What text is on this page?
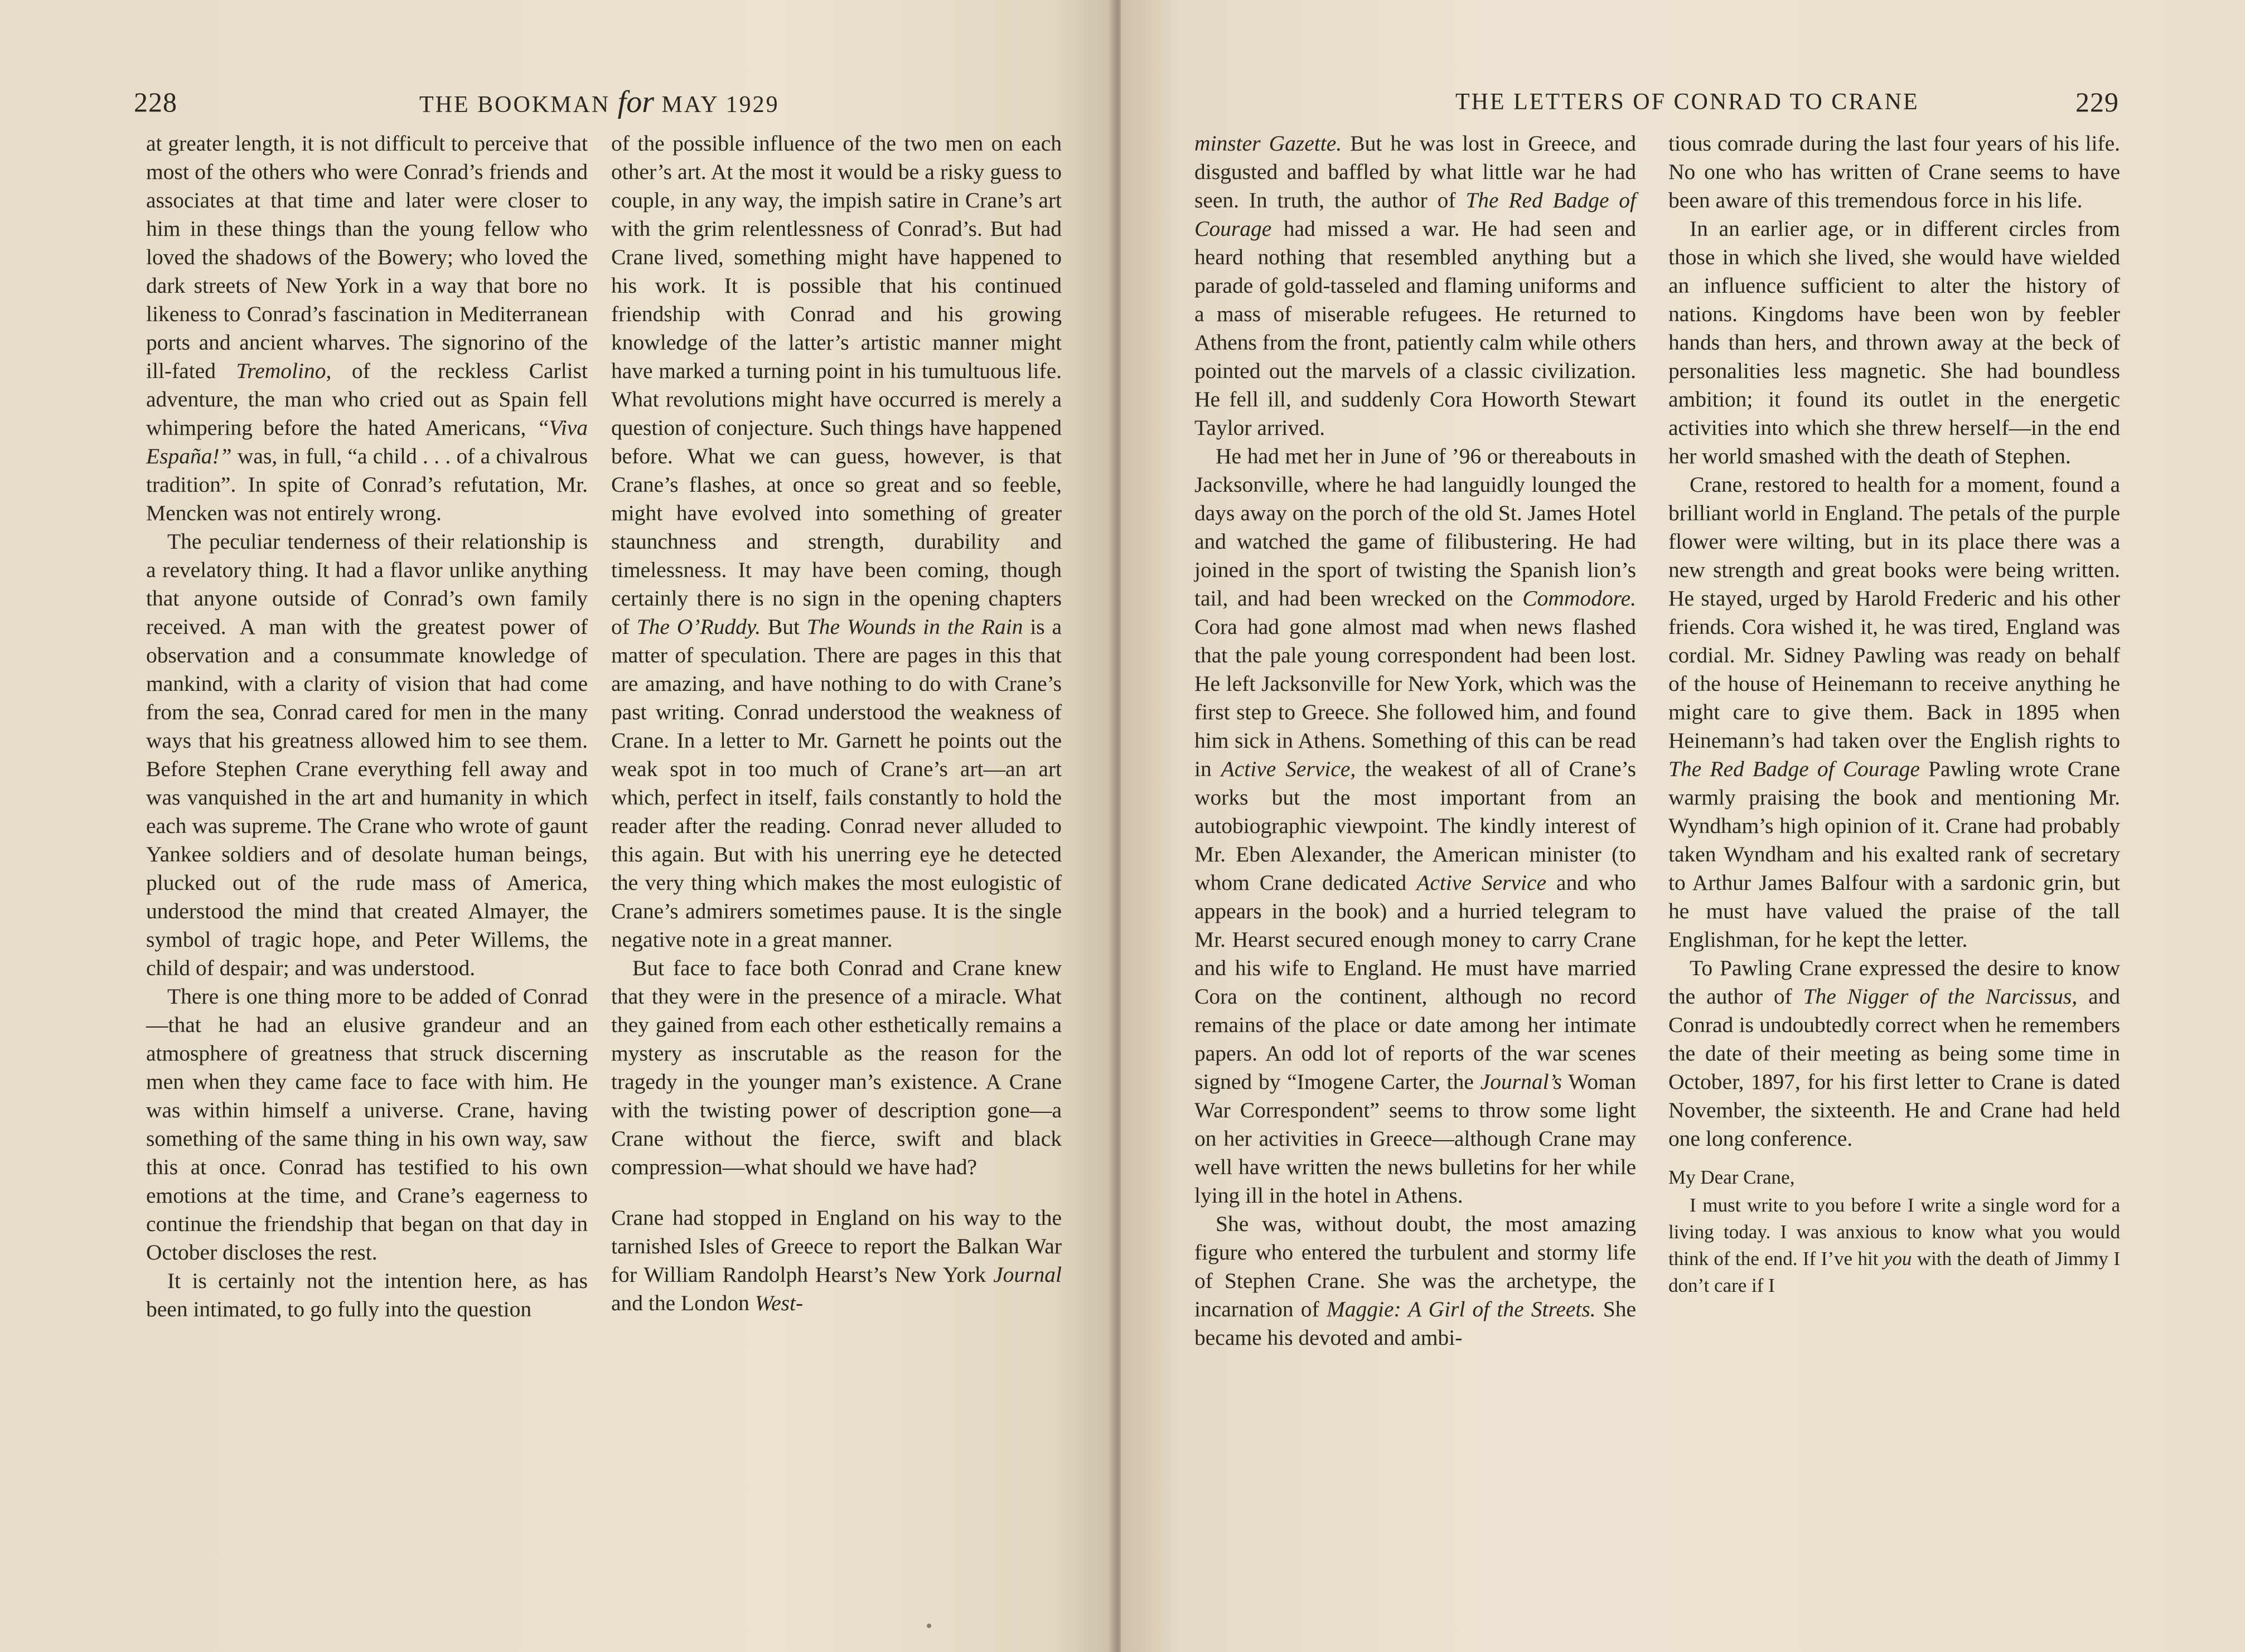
228	THE BOOKMAN for MAY 1929

at greater length, it is not difficult to perceive that most of the others who were Conrad’s friends and associates at that time and later were closer to him in these things than the young fellow who loved the shadows of the Bowery; who loved the dark streets of New York in a way that bore no likeness to Conrad’s fascination in Mediterranean ports and ancient wharves. The signorino of the ill-fated Tremolino, of the reckless Carlist adventure, the man who cried out as Spain fell whimpering before the hated Americans, “Viva España!” was, in full, “a child . . . of a chivalrous tradition”. In spite of Conrad’s refutation, Mr. Mencken was not entirely wrong.

The peculiar tenderness of their relationship is a revelatory thing. It had a flavor unlike anything that anyone outside of Conrad’s own family received. A man with the greatest power of observation and a consummate knowledge of mankind, with a clarity of vision that had come from the sea, Conrad cared for men in the many ways that his greatness allowed him to see them. Before Stephen Crane everything fell away and was vanquished in the art and humanity in which each was supreme. The Crane who wrote of gaunt Yankee soldiers and of desolate human beings, plucked out of the rude mass of America, understood the mind that created Almayer, the symbol of tragic hope, and Peter Willems, the child of despair; and was understood.

There is one thing more to be added of Conrad—that he had an elusive grandeur and an atmosphere of greatness that struck discerning men when they came face to face with him. He was within himself a universe. Crane, having something of the same thing in his own way, saw this at once. Conrad has testified to his own emotions at the time, and Crane’s eagerness to continue the friendship that began on that day in October discloses the rest.

It is certainly not the intention here, as has been intimated, to go fully into the question

of the possible influence of the two men on each other’s art. At the most it would be a risky guess to couple, in any way, the impish satire in Crane’s art with the grim relentlessness of Conrad’s. But had Crane lived, something might have happened to his work. It is possible that his continued friendship with Conrad and his growing knowledge of the latter’s artistic manner might have marked a turning point in his tumultuous life. What revolutions might have occurred is merely a question of conjecture. Such things have happened before. What we can guess, however, is that Crane’s flashes, at once so great and so feeble, might have evolved into something of greater staunchness and strength, durability and timelessness. It may have been coming, though certainly there is no sign in the opening chapters of The O’Ruddy. But The Wounds in the Rain is a matter of speculation. There are pages in this that are amazing, and have nothing to do with Crane’s past writing. Conrad understood the weakness of Crane. In a letter to Mr. Garnett he points out the weak spot in too much of Crane’s art—an art which, perfect in itself, fails constantly to hold the reader after the reading. Conrad never alluded to this again. But with his unerring eye he detected the very thing which makes the most eulogistic of Crane’s admirers sometimes pause. It is the single negative note in a great manner.

But face to face both Conrad and Crane knew that they were in the presence of a miracle. What they gained from each other esthetically remains a mystery as inscrutable as the reason for the tragedy in the younger man’s existence. A Crane with the twisting power of description gone—a Crane without the fierce, swift and black compression—what should we have had?

Crane had stopped in England on his way to the tarnished Isles of Greece to report the Balkan War for William Randolph Hearst’s New York Journal and the London West-

THE LETTERS OF CONRAD TO CRANE	229

minster Gazette. But he was lost in Greece, and disgusted and baffled by what little war he had seen. In truth, the author of The Red Badge of Courage had missed a war. He had seen and heard nothing that resembled anything but a parade of gold-tasseled and flaming uniforms and a mass of miserable refugees. He returned to Athens from the front, patiently calm while others pointed out the marvels of a classic civilization. He fell ill, and suddenly Cora Howorth Stewart Taylor arrived.

He had met her in June of ’96 or thereabouts in Jacksonville, where he had languidly lounged the days away on the porch of the old St. James Hotel and watched the game of filibustering. He had joined in the sport of twisting the Spanish lion’s tail, and had been wrecked on the Commodore. Cora had gone almost mad when news flashed that the pale young correspondent had been lost. He left Jacksonville for New York, which was the first step to Greece. She followed him, and found him sick in Athens. Something of this can be read in Active Service, the weakest of all of Crane’s works but the most important from an autobiographic viewpoint. The kindly interest of Mr. Eben Alexander, the American minister (to whom Crane dedicated Active Service and who appears in the book) and a hurried telegram to Mr. Hearst secured enough money to carry Crane and his wife to England. He must have married Cora on the continent, although no record remains of the place or date among her intimate papers. An odd lot of reports of the war scenes signed by “Imogene Carter, the Journal’s Woman War Correspondent” seems to throw some light on her activities in Greece—although Crane may well have written the news bulletins for her while lying ill in the hotel in Athens.

She was, without doubt, the most amazing figure who entered the turbulent and stormy life of Stephen Crane. She was the archetype, the incarnation of Maggie: A Girl of the Streets. She became his devoted and ambi-

tious comrade during the last four years of his life. No one who has written of Crane seems to have been aware of this tremendous force in his life.

In an earlier age, or in different circles from those in which she lived, she would have wielded an influence sufficient to alter the history of nations. Kingdoms have been won by feebler hands than hers, and thrown away at the beck of personalities less magnetic. She had boundless ambition; it found its outlet in the energetic activities into which she threw herself—in the end her world smashed with the death of Stephen.

Crane, restored to health for a moment, found a brilliant world in England. The petals of the purple flower were wilting, but in its place there was a new strength and great books were being written. He stayed, urged by Harold Frederic and his other friends. Cora wished it, he was tired, England was cordial. Mr. Sidney Pawling was ready on behalf of the house of Heinemann to receive anything he might care to give them. Back in 1895 when Heinemann’s had taken over the English rights to The Red Badge of Courage Pawling wrote Crane warmly praising the book and mentioning Mr. Wyndham’s high opinion of it. Crane had probably taken Wyndham and his exalted rank of secretary to Arthur James Balfour with a sardonic grin, but he must have valued the praise of the tall Englishman, for he kept the letter.

To Pawling Crane expressed the desire to know the author of The Nigger of the Narcissus, and Conrad is undoubtedly correct when he remembers the date of their meeting as being some time in October, 1897, for his first letter to Crane is dated November, the sixteenth. He and Crane had held one long conference.

My Dear Crane,

I must write to you before I write a single word for a living today. I was anxious to know what you would think of the end. If I’ve hit you with the death of Jimmy I don’t care if I
